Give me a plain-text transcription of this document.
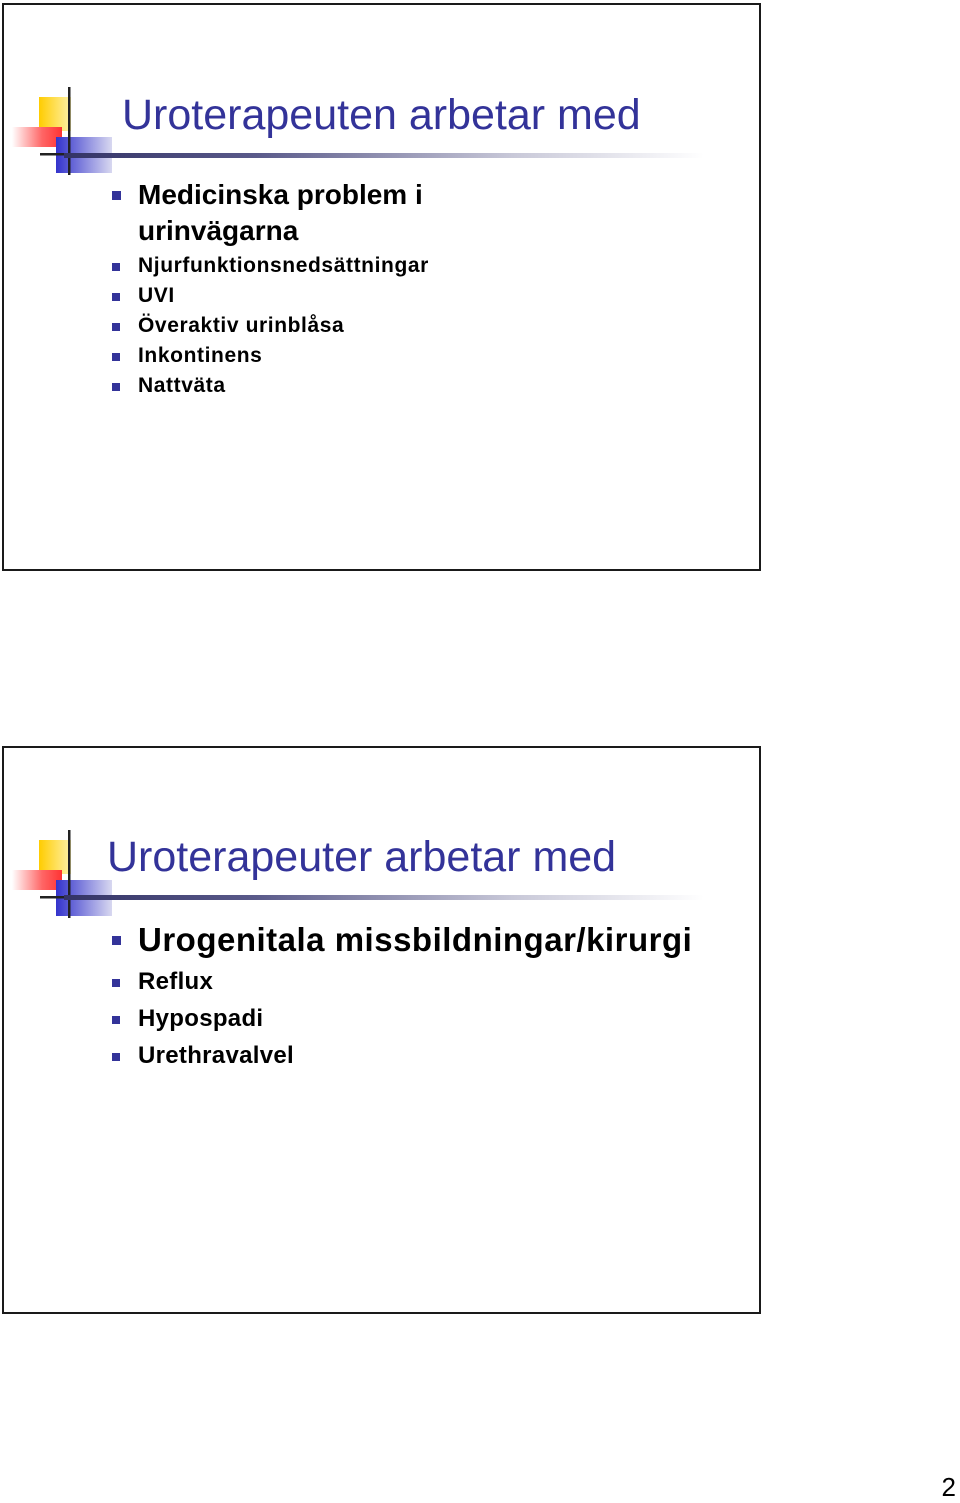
Uroterapeuten arbetar med
Medicinska problem i urinvägarna
Njurfunktionsnedsättningar
UVI
Överaktiv urinblåsa
Inkontinens
Nattväta
Uroterapeuter arbetar med
Urogenitala missbildningar/kirurgi
Reflux
Hypospadi
Urethravalvel
2
